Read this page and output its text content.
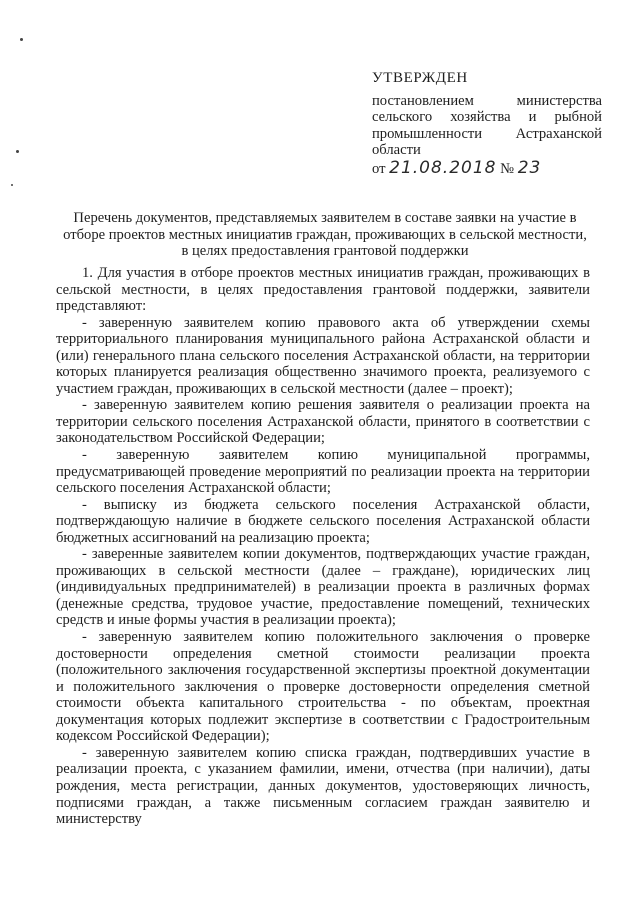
УТВЕРЖДЕН
постановлением министерства сельского хозяйства и рыбной промышленности Астраханской области
от 21.08.2018 № 23
Перечень документов, представляемых заявителем в составе заявки на участие в отборе проектов местных инициатив граждан, проживающих в сельской местности, в целях предоставления грантовой поддержки

1. Для участия в отборе проектов местных инициатив граждан, проживающих в сельской местности, в целях предоставления грантовой поддержки, заявители представляют:

- заверенную заявителем копию правового акта об утверждении схемы территориального планирования муниципального района Астраханской области и (или) генерального плана сельского поселения Астраханской области, на территории которых планируется реализация общественно значимого проекта, реализуемого с участием граждан, проживающих в сельской местности (далее – проект);

- заверенную заявителем копию решения заявителя о реализации проекта на территории сельского поселения Астраханской области, принятого в соответствии с законодательством Российской Федерации;

- заверенную заявителем копию муниципальной программы, предусматривающей проведение мероприятий по реализации проекта на территории сельского поселения Астраханской области;

- выписку из бюджета сельского поселения Астраханской области, подтверждающую наличие в бюджете сельского поселения Астраханской области бюджетных ассигнований на реализацию проекта;

- заверенные заявителем копии документов, подтверждающих участие граждан, проживающих в сельской местности (далее – граждане), юридических лиц (индивидуальных предпринимателей) в реализации проекта в различных формах (денежные средства, трудовое участие, предоставление помещений, технических средств и иные формы участия в реализации проекта);

- заверенную заявителем копию положительного заключения о проверке достоверности определения сметной стоимости реализации проекта (положительного заключения государственной экспертизы проектной документации и положительного заключения о проверке достоверности определения сметной стоимости объекта капитального строительства - по объектам, проектная документация которых подлежит экспертизе в соответствии с Градостроительным кодексом Российской Федерации);

- заверенную заявителем копию списка граждан, подтвердивших участие в реализации проекта, с указанием фамилии, имени, отчества (при наличии), даты рождения, места регистрации, данных документов, удостоверяющих личность, подписями граждан, а также письменным согласием граждан заявителю и министерству
